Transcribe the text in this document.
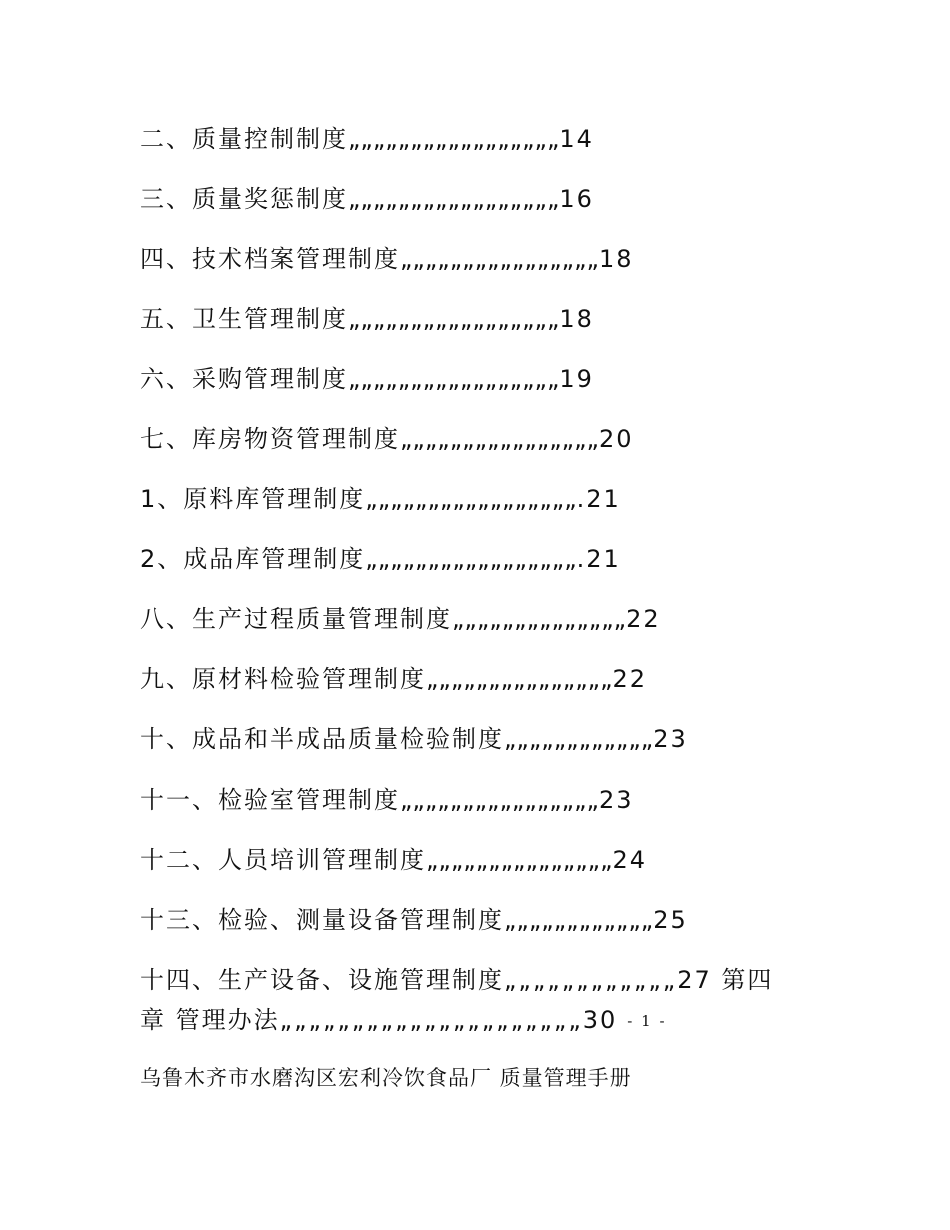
二、质量控制制度„„„„„„„„„„„„„„„„„14
三、质量奖惩制度„„„„„„„„„„„„„„„„„16
四、技术档案管理制度„„„„„„„„„„„„„„„„18
五、卫生管理制度„„„„„„„„„„„„„„„„„18
六、采购管理制度„„„„„„„„„„„„„„„„„19
七、库房物资管理制度„„„„„„„„„„„„„„„„20
1、原料库管理制度„„„„„„„„„„„„„„„„„.21
2、成品库管理制度„„„„„„„„„„„„„„„„„.21
八、生产过程质量管理制度„„„„„„„„„„„„„„22
九、原材料检验管理制度„„„„„„„„„„„„„„„22
十、成品和半成品质量检验制度„„„„„„„„„„„„23
十一、检验室管理制度„„„„„„„„„„„„„„„„23
十二、人员培训管理制度„„„„„„„„„„„„„„„24
十三、检验、测量设备管理制度„„„„„„„„„„„„25
十四、生产设备、设施管理制度„„„„„„„„„„„„27 第四
章 管理办法„„„„„„„„„„„„„„„„„„„„„30 - 1 -
乌鲁木齐市水磨沟区宏利冷饮食品厂 质量管理手册
